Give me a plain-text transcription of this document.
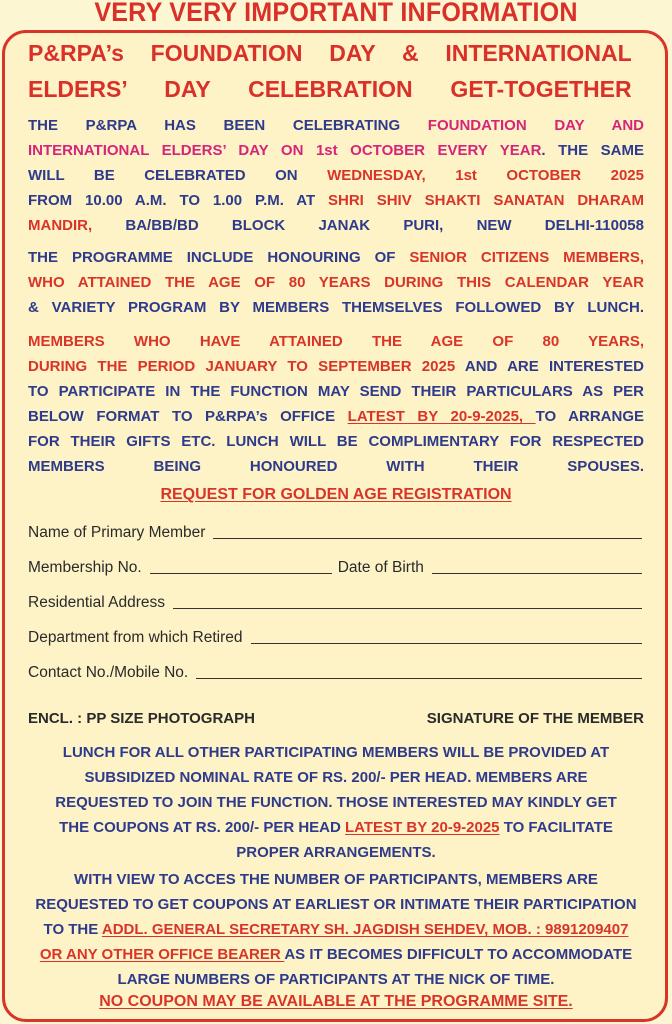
VERY VERY IMPORTANT INFORMATION
P&RPA’s FOUNDATION DAY & INTERNATIONAL
ELDERS’ DAY CELEBRATION GET-TOGETHER
THE P&RPA HAS BEEN CELEBRATING FOUNDATION DAY AND
INTERNATIONAL ELDERS’ DAY ON 1st OCTOBER EVERY YEAR. THE SAME
WILL BE CELEBRATED ON WEDNESDAY, 1st OCTOBER 2025
FROM 10.00 A.M. TO 1.00 P.M. AT SHRI SHIV SHAKTI SANATAN DHARAM
MANDIR, BA/BB/BD BLOCK JANAK PURI, NEW DELHI-110058
THE PROGRAMME INCLUDE HONOURING OF SENIOR CITIZENS MEMBERS,
WHO ATTAINED THE AGE OF 80 YEARS DURING THIS CALENDAR YEAR
& VARIETY PROGRAM BY MEMBERS THEMSELVES FOLLOWED BY LUNCH.
MEMBERS WHO HAVE ATTAINED THE AGE OF 80 YEARS,
DURING THE PERIOD JANUARY TO SEPTEMBER 2025 AND ARE INTERESTED
TO PARTICIPATE IN THE FUNCTION MAY SEND THEIR PARTICULARS AS PER
BELOW FORMAT TO P&RPA’s OFFICE LATEST BY 20-9-2025, TO ARRANGE
FOR THEIR GIFTS ETC. LUNCH WILL BE COMPLIMENTARY FOR RESPECTED
MEMBERS BEING HONOURED WITH THEIR SPOUSES.
REQUEST FOR GOLDEN AGE REGISTRATION
Name of Primary Member
Membership No.	Date of Birth
Residential Address
Department from which Retired
Contact No./Mobile No.
ENCL. : PP SIZE PHOTOGRAPH	SIGNATURE OF THE MEMBER
LUNCH FOR ALL OTHER PARTICIPATING MEMBERS WILL BE PROVIDED AT
SUBSIDIZED NOMINAL RATE OF RS. 200/- PER HEAD. MEMBERS ARE
REQUESTED TO JOIN THE FUNCTION. THOSE INTERESTED MAY KINDLY GET
THE COUPONS AT RS. 200/- PER HEAD LATEST BY 20-9-2025 TO FACILITATE
PROPER ARRANGEMENTS.
WITH VIEW TO ACCES THE NUMBER OF PARTICIPANTS, MEMBERS ARE
REQUESTED TO GET COUPONS AT EARLIEST OR INTIMATE THEIR PARTICIPATION
TO THE ADDL. GENERAL SECRETARY SH. JAGDISH SEHDEV, MOB. : 9891209407
OR ANY OTHER OFFICE BEARER AS IT BECOMES DIFFICULT TO ACCOMMODATE
LARGE NUMBERS OF PARTICIPANTS AT THE NICK OF TIME.
NO COUPON MAY BE AVAILABLE AT THE PROGRAMME SITE.
